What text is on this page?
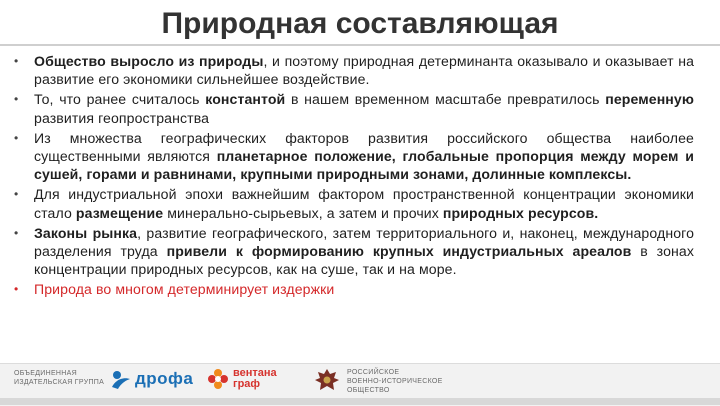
Природная составляющая
• Общество выросло из природы, и поэтому природная детерминанта оказывало и оказывает на развитие его экономики сильнейшее воздействие.
• То, что ранее считалось константой в нашем временном масштабе превратилось переменную развития геопространства
• Из множества географических факторов развития российского общества наиболее существенными являются планетарное положение, глобальные пропорция между морем и сушей, горами и равнинами, крупными природными зонами, долинные комплексы.
• Для индустриальной эпохи важнейшим фактором пространственной концентрации экономики стало размещение минерально-сырьевых, а затем и прочих природных ресурсов.
• Законы рынка, развитие географического, затем территориального и, наконец, международного разделения труда привели к формированию крупных индустриальных ареалов в зонах концентрации природных ресурсов, как на суше, так и на море.
• Природа во многом детерминирует издержки
ОБЪЕДИНЕННАЯ
ИЗДАТЕЛЬСКАЯ ГРУППА дрофа	вентана
граф
РОССИЙСКОЕ
ВОЕННО-ИСТОРИЧЕСКОЕ
ОБЩЕСТВО
